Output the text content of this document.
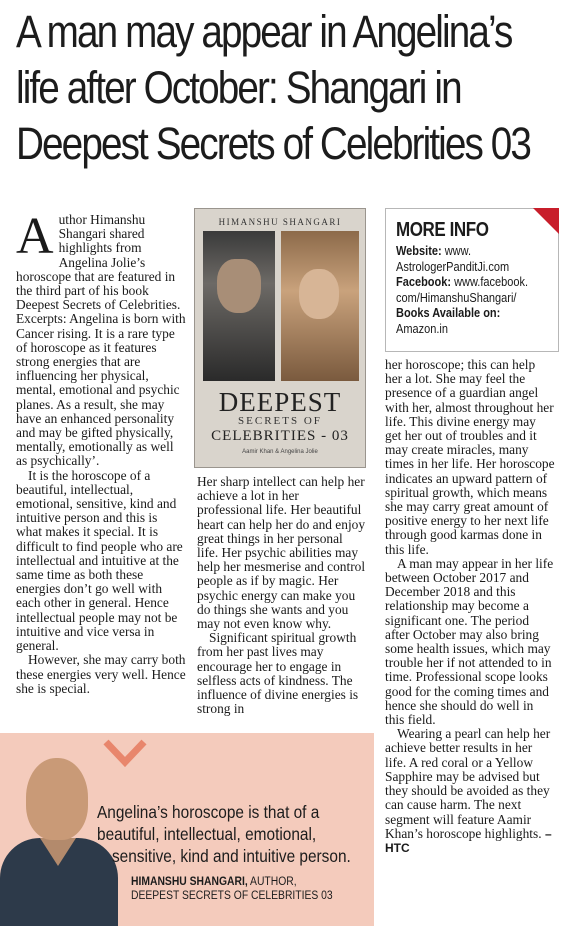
A man may appear in Angelina’s
life after October: Shangari in
Deepest Secrets of Celebrities 03
A uthor Himanshu Shangari shared highlights from Angelina Jolie’s horoscope that are featured in the third part of his book Deepest Secrets of Celebrities. Excerpts: Angelina is born with Cancer rising. It is a rare type of horoscope as it features strong energies that are influencing her physical, mental, emotional and psychic planes. As a result, she may have an enhanced personality and may be gifted physically, mentally, emotionally as well as psychically’.

It is the horoscope of a beautiful, intellectual, emotional, sensitive, kind and intuitive person and this is what makes it special. It is difficult to find people who are intellectual and intuitive at the same time as both these energies don’t go well with each other in general. Hence intellectual people may not be intuitive and vice versa in general.

However, she may carry both these energies very well. Hence she is special.

HIMANSHU SHANGARI
DEEPEST
SECRETS OF
CELEBRITIES - 03
Aamir Khan & Angelina Jolie
MORE INFO
Website: www.
AstrologerPanditJi.com
Facebook: www.facebook.
com/HimanshuShangari/
Books Available on:
Amazon.in

Her sharp intellect can help her achieve a lot in her professional life. Her beautiful heart can help her do and enjoy great things in her personal life. Her psychic abilities may help her mesmerise and control people as if by magic. Her psychic energy can make you do things she wants and you may not even know why.

Significant spiritual growth from her past lives may encourage her to engage in selfless acts of kindness. The influence of divine energies is strong in

her horoscope; this can help her a lot. She may feel the presence of a guardian angel with her, almost throughout her life. This divine energy may get her out of troubles and it may create miracles, many times in her life. Her horoscope indicates an upward pattern of spiritual growth, which means she may carry great amount of positive energy to her next life through good karmas done in this life.

A man may appear in her life between October 2017 and December 2018 and this relationship may become a significant one. The period after October may also bring some health issues, which may trouble her if not attended to in time. Professional scope looks good for the coming times and hence she should do well in this field.

Wearing a pearl can help her achieve better results in her life. A red coral or a Yellow Sapphire may be advised but they should be avoided as they can cause harm. The next segment will feature Aamir Khan’s horoscope highlights. – HTC

Angelina’s horoscope is that of a
beautiful, intellectual, emotional,
sensitive, kind and intuitive person.
HIMANSHU SHANGARI, AUTHOR,
DEEPEST SECRETS OF CELEBRITIES 03
